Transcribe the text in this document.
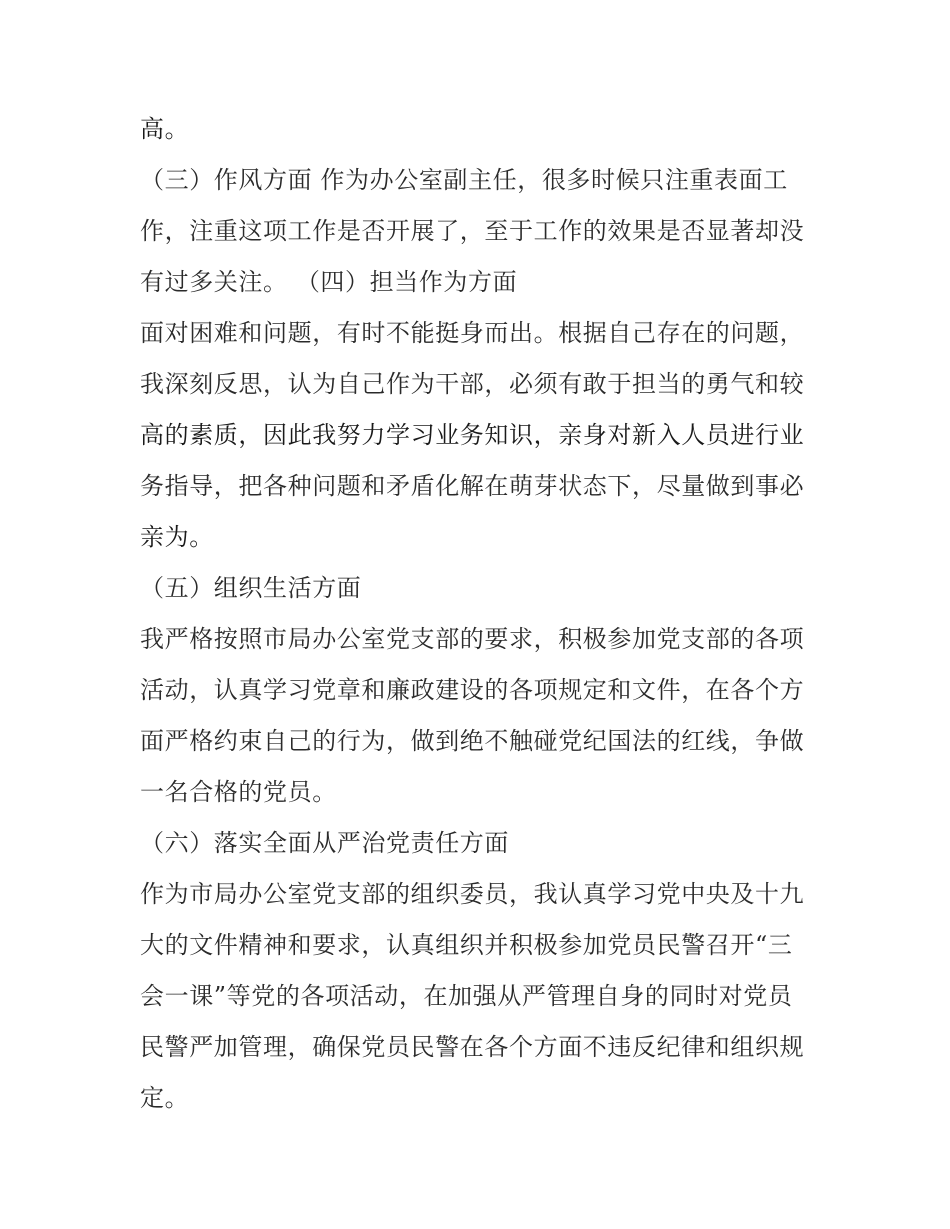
高。
（三）作风方面 作为办公室副主任，很多时候只注重表面工
作，注重这项工作是否开展了，至于工作的效果是否显著却没
有过多关注。 （四）担当作为方面
面对困难和问题，有时不能挺身而出。根据自己存在的问题，
我深刻反思，认为自己作为干部，必须有敢于担当的勇气和较
高的素质，因此我努力学习业务知识，亲身对新入人员进行业
务指导，把各种问题和矛盾化解在萌芽状态下，尽量做到事必
亲为。
（五）组织生活方面
我严格按照市局办公室党支部的要求，积极参加党支部的各项
活动，认真学习党章和廉政建设的各项规定和文件，在各个方
面严格约束自己的行为，做到绝不触碰党纪国法的红线，争做
一名合格的党员。
（六）落实全面从严治党责任方面
作为市局办公室党支部的组织委员，我认真学习党中央及十九
大的文件精神和要求，认真组织并积极参加党员民警召开“三
会一课”等党的各项活动，在加强从严管理自身的同时对党员
民警严加管理，确保党员民警在各个方面不违反纪律和组织规
定。
